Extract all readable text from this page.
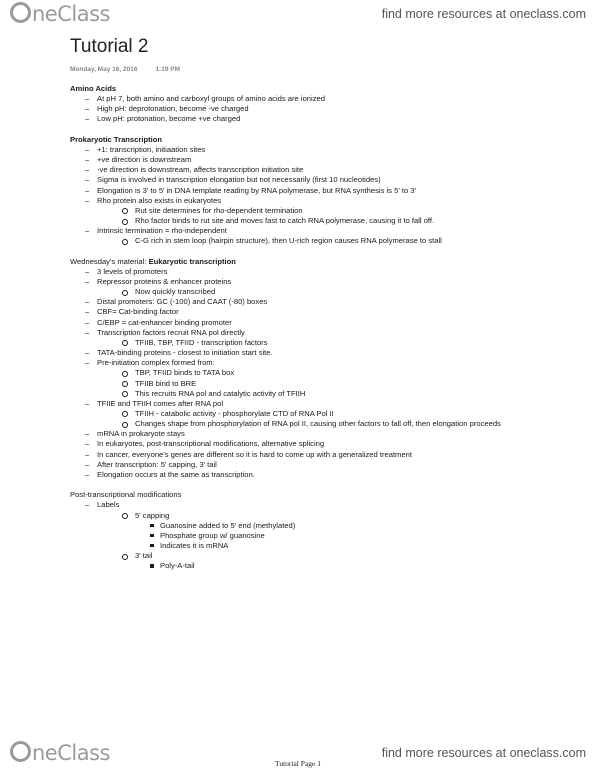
neClass	find more resources at oneclass.com
Tutorial 2
Monday, May 16, 2016	1:19 PM
Amino Acids
– At pH 7, both amino and carboxyl groups of amino acids are ionized
– High pH: deprotonation, become -ve charged
– Low pH: protonation, become +ve charged
Prokaryotic Transcription
– +1: transcription, initiaation sites
– +ve direction is downstream
– -ve direction is downstream, affects transcription initiation site
– Sigma is involved in transcription elongation but not necessarily (first 10 nucleotides)
– Elongation is 3' to 5' in DNA template reading by RNA polymerase, but RNA synthesis is 5' to 3'
– Rho protein also exists in eukaryotes
Rut site determines for rho-dependent termination
Rho factor binds to rut site and moves fast to catch RNA polymerase, causing it to fall off.
– Intrinsic termination = rho-independent
C-G rich in stem loop (hairpin structure), then U-rich region causes RNA polymerase to stall
Wednesday's material: Eukaryotic transcription
– 3 levels of promoters
– Repressor proteins & enhancer proteins
Now quickly transcribed
– Distal promoters: GC (-100) and CAAT (-80) boxes
– CBF= Cat-binding factor
– C/EBP = cat-enhancer binding promoter
– Transcription factors recruit RNA pol directly
TFIIB, TBP, TFIID - transcription factors
– TATA-binding proteins - closest to initiation start site.
– Pre-initiation complex formed from:
TBP, TFIID binds to TATA box
TFIIB bind to BRE
This recruits RNA pol and catalytic activity of TFIIH
– TFIIE and TFIIH comes after RNA pol
TFIIH - catabolic activity - phosphorylate CTD of RNA Pol II
Changes shape from phosphorylation of RNA pol II, causing other factors to fall off, then elongation proceeds
– mRNA in prokaryote stays
– In eukaryotes, post-transcriptional modifications, alternative splicing
– In cancer, everyone's genes are different so it is hard to come up with a generalized treatment
– After transcription: 5' capping, 3' tail
– Elongation occurs at the same as transcription.
Post-transcriptional modifications
– Labels
5' capping
Guanosine added to 5' end (methylated)
Phosphate group w/ guanosine
Indicates it is mRNA
3' tail
Poly-A-tail
neClass	find more resources at oneclass.com
Tutorial Page 1
